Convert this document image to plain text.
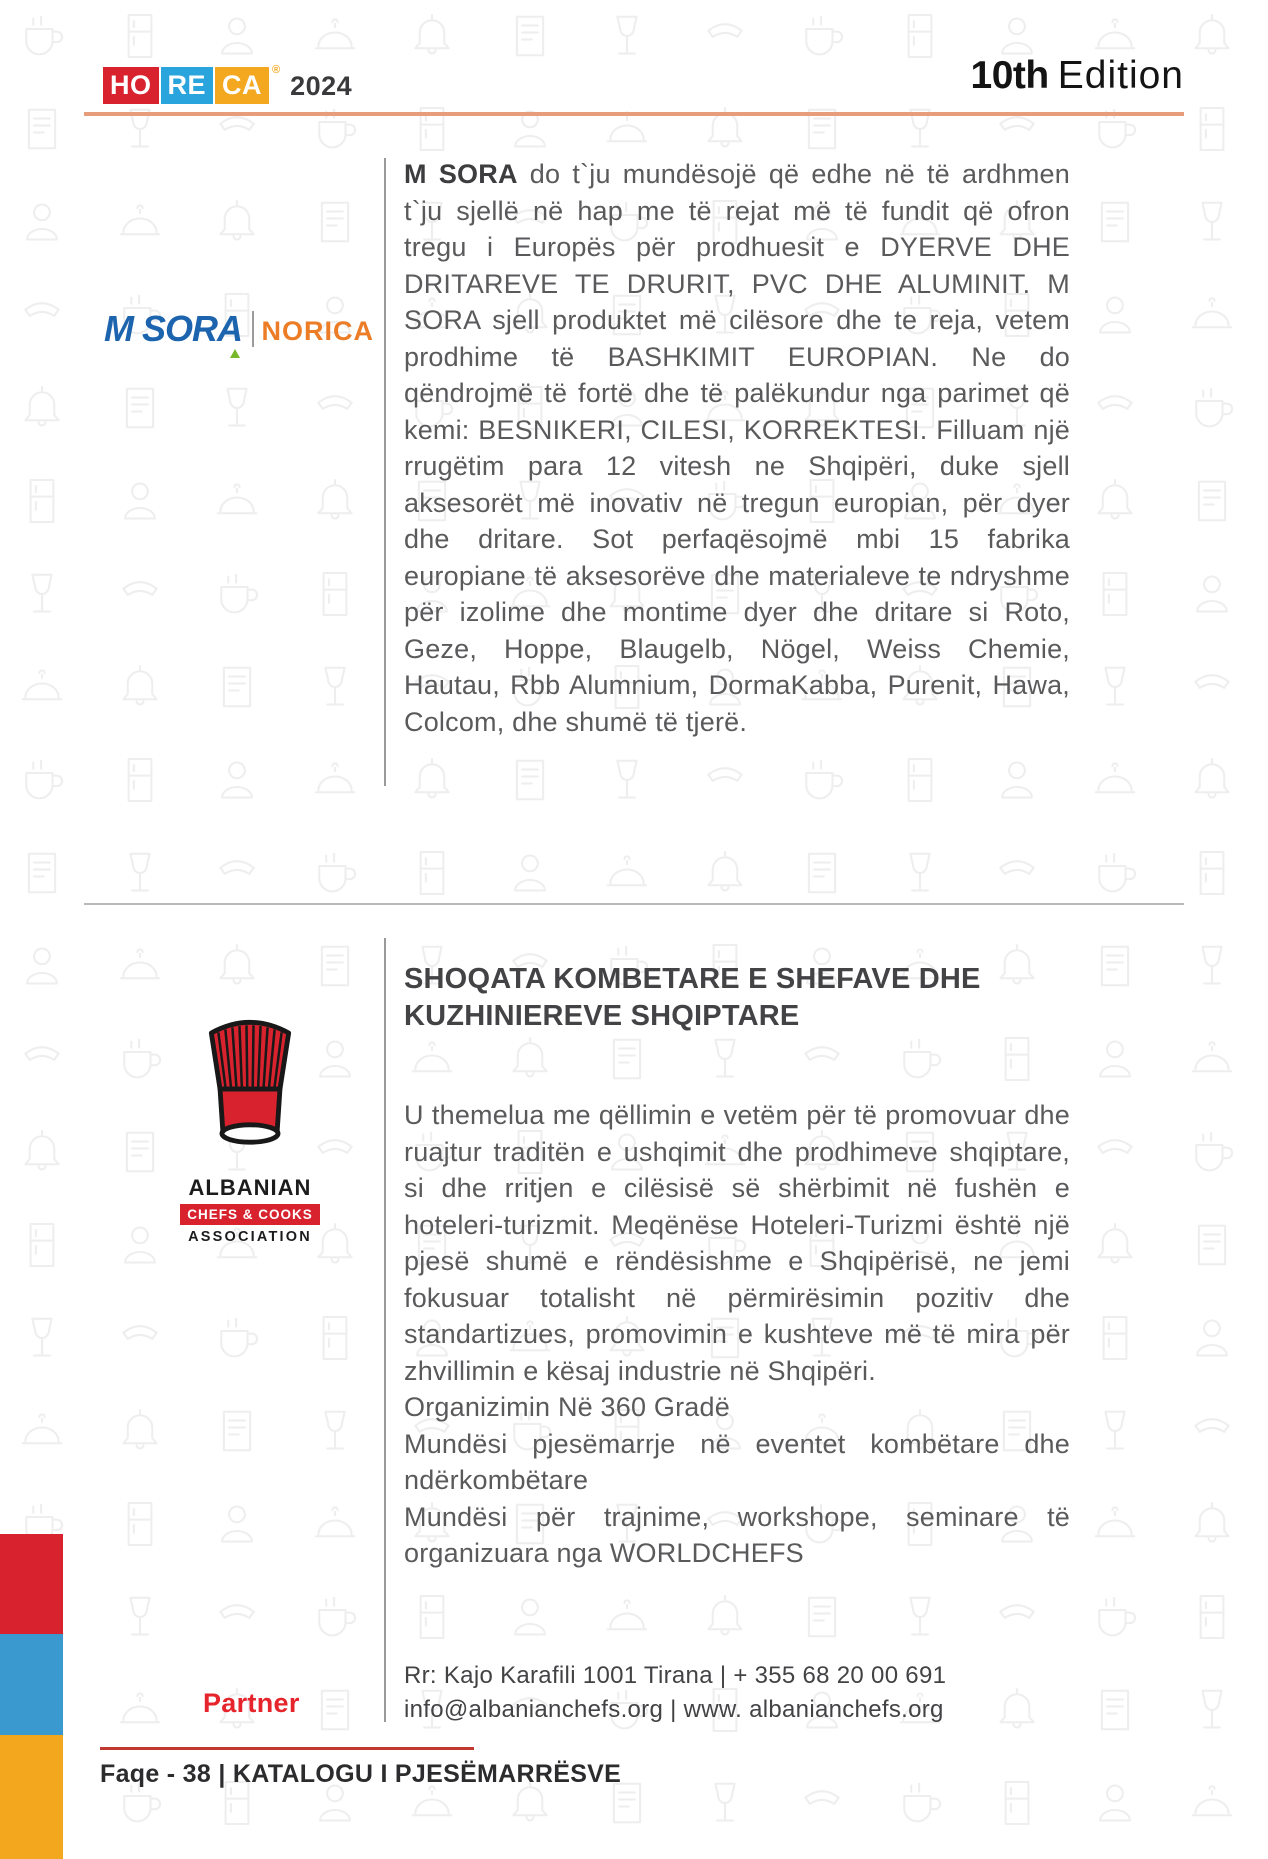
HO RE CA ®
2024	10th Edition
M SORA NORICA

M SORA do t`ju mundësojë që edhe në të ardhmen t`ju sjellë në hap me të rejat më të fundit që ofron tregu i Europës për prodhuesit e DYERVE DHE DRITAREVE TE DRURIT, PVC DHE ALUMINIT. M SORA sjell produktet më cilësore dhe te reja, vetem prodhime të BASHKIMIT EUROPIAN. Ne do qëndrojmë të fortë dhe të palëkundur nga parimet që kemi: BESNIKERI, CILESI, KORREKTESI. Filluam një rrugëtim para 12 vitesh ne Shqipëri, duke sjell aksesorët më inovativ në tregun europian, për dyer dhe dritare. Sot perfaqësojmë mbi 15 fabrika europiane të aksesorëve dhe materialeve te ndryshme për izolime dhe montime dyer dhe dritare si Roto, Geze, Hoppe, Blaugelb, Nögel, Weiss Chemie, Hautau, Rbb Alumnium, DormaKabba, Purenit, Hawa, Colcom, dhe shumë të tjerë.

ALBANIAN
CHEFS & COOKS
ASSOCIATION
SHOQATA KOMBETARE E SHEFAVE DHE KUZHINIEREVE SHQIPTARE

U themelua me qëllimin e vetëm për të promovuar dhe ruajtur traditën e ushqimit dhe prodhimeve shqiptare, si dhe rritjen e cilësisë së shërbimit në fushën e hoteleri-turizmit. Meqënëse Hoteleri-Turizmi është një pjesë shumë e rëndësishme e Shqipërisë, ne jemi fokusuar totalisht në përmirësimin pozitiv dhe standartizues, promovimin e kushteve më të mira për zhvillimin e kësaj industrie në Shqipëri.

Organizimin Në 360 Gradë

Mundësi pjesëmarrje në eventet kombëtare dhe ndërkombëtare

Mundësi për trajnime, workshope, seminare të organizuara nga WORLDCHEFS

Rr: Kajo Karafili 1001 Tirana | + 355 68 20 00 691
info@albanianchefs.org | www. albanianchefs.org
Partner
Faqe - 38 | KATALOGU I PJESËMARRËSVE
